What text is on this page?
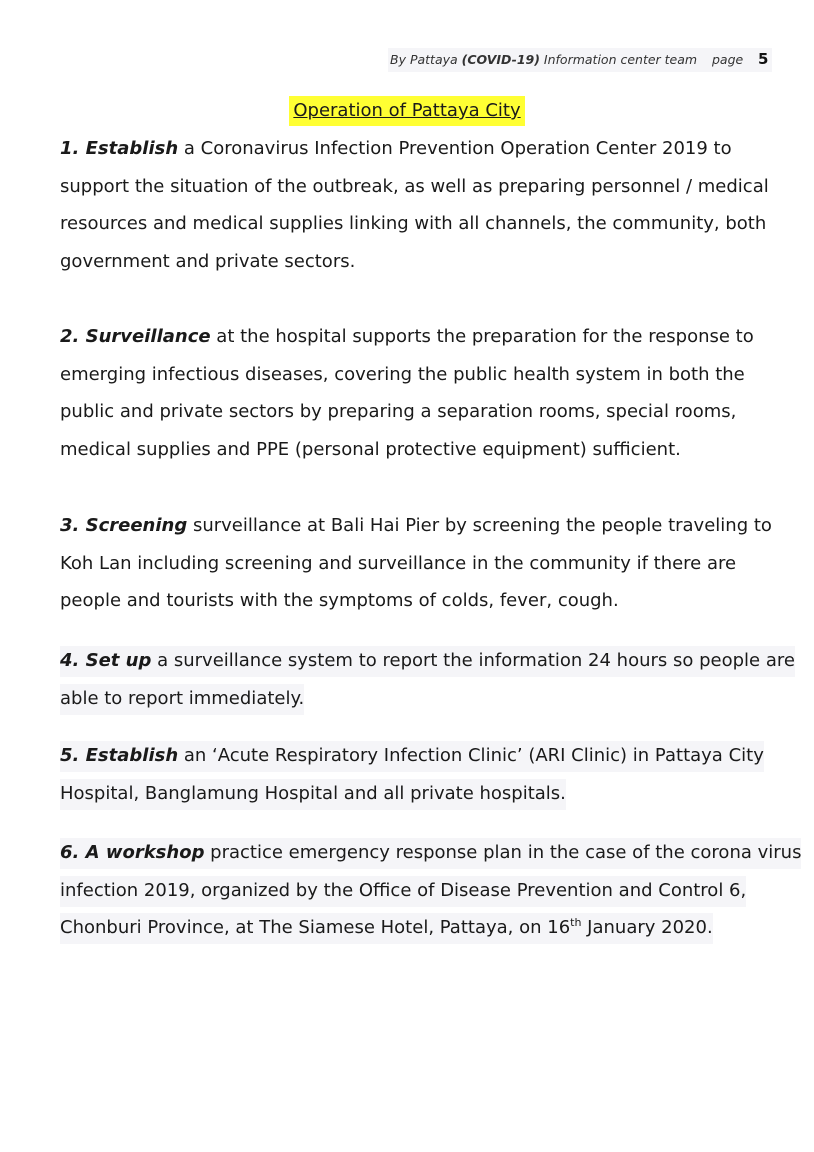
By Pattaya (COVID-19) Information center team page 5
Operation of Pattaya City

1. Establish a Coronavirus Infection Prevention Operation Center 2019 to
support the situation of the outbreak, as well as preparing personnel / medical
resources and medical supplies linking with all channels, the community, both
government and private sectors.

2. Surveillance at the hospital supports the preparation for the response to
emerging infectious diseases, covering the public health system in both the
public and private sectors by preparing a separation rooms, special rooms,
medical supplies and PPE (personal protective equipment) sufficient.

3. Screening surveillance at Bali Hai Pier by screening the people traveling to
Koh Lan including screening and surveillance in the community if there are
people and tourists with the symptoms of colds, fever, cough.

4. Set up a surveillance system to report the information 24 hours so people are
able to report immediately.

5. Establish an ‘Acute Respiratory Infection Clinic’ (ARI Clinic) in Pattaya City
Hospital, Banglamung Hospital and all private hospitals.

6. A workshop practice emergency response plan in the case of the corona virus
infection 2019, organized by the Office of Disease Prevention and Control 6,
Chonburi Province, at The Siamese Hotel, Pattaya, on 16th January 2020.
